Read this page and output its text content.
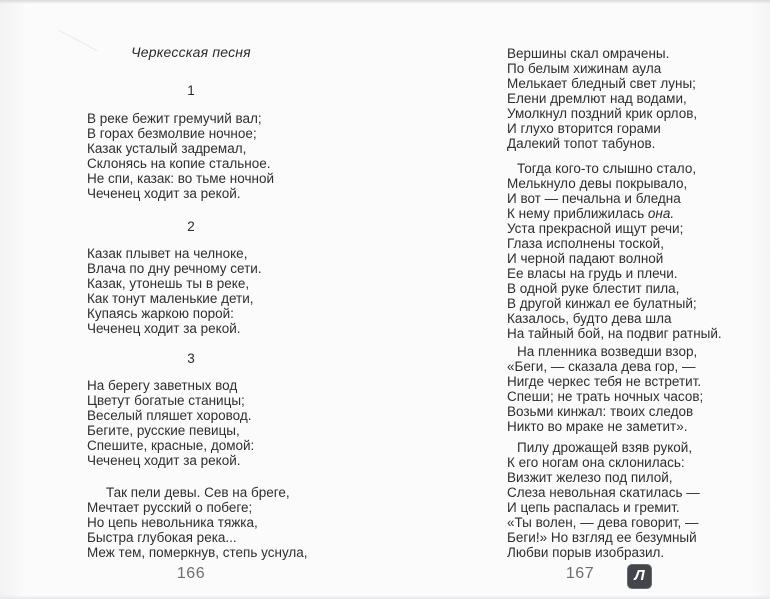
Черкесская песня
1
В реке бежит гремучий вал;
В горах безмолвие ночное;
Казак усталый задремал,
Склонясь на копие стальное.
Не спи, казак: во тьме ночной
Чеченец ходит за рекой.
2
Казак плывет на челноке,
Влача по дну речному сети.
Казак, утонешь ты в реке,
Как тонут маленькие дети,
Купаясь жаркою порой:
Чеченец ходит за рекой.
3
На берегу заветных вод
Цветут богатые станицы;
Веселый пляшет хоровод.
Бегите, русские певицы,
Спешите, красные, домой:
Чеченец ходит за рекой.
Так пели девы. Сев на бреге,
Мечтает русский о побеге;
Но цепь невольника тяжка,
Быстра глубокая река...
Меж тем, померкнув, степь уснула,
166
Вершины скал омрачены.
По белым хижинам аула
Мелькает бледный свет луны;
Елени дремлют над водами,
Умолкнул поздний крик орлов,
И глухо вторится горами
Далекий топот табунов.
Тогда кого-то слышно стало,
Мелькнуло девы покрывало,
И вот — печальна и бледна
К нему приближилась она.
Уста прекрасной ищут речи;
Глаза исполнены тоской,
И черной падают волной
Ее власы на грудь и плечи.
В одной руке блестит пила,
В другой кинжал ее булатный;
Казалось, будто дева шла
На тайный бой, на подвиг ратный.
На пленника возведши взор,
«Беги, — сказала дева гор, —
Нигде черкес тебя не встретит.
Спеши; не трать ночных часов;
Возьми кинжал: твоих следов
Никто во мраке не заметит».
Пилу дрожащей взяв рукой,
К его ногам она склонилась:
Визжит железо под пилой,
Слеза невольная скатилась —
И цепь распалась и гремит.
«Ты волен, — дева говорит, —
Беги!» Но взгляд ее безумный
Любви порыв изобразил.
167	Л
